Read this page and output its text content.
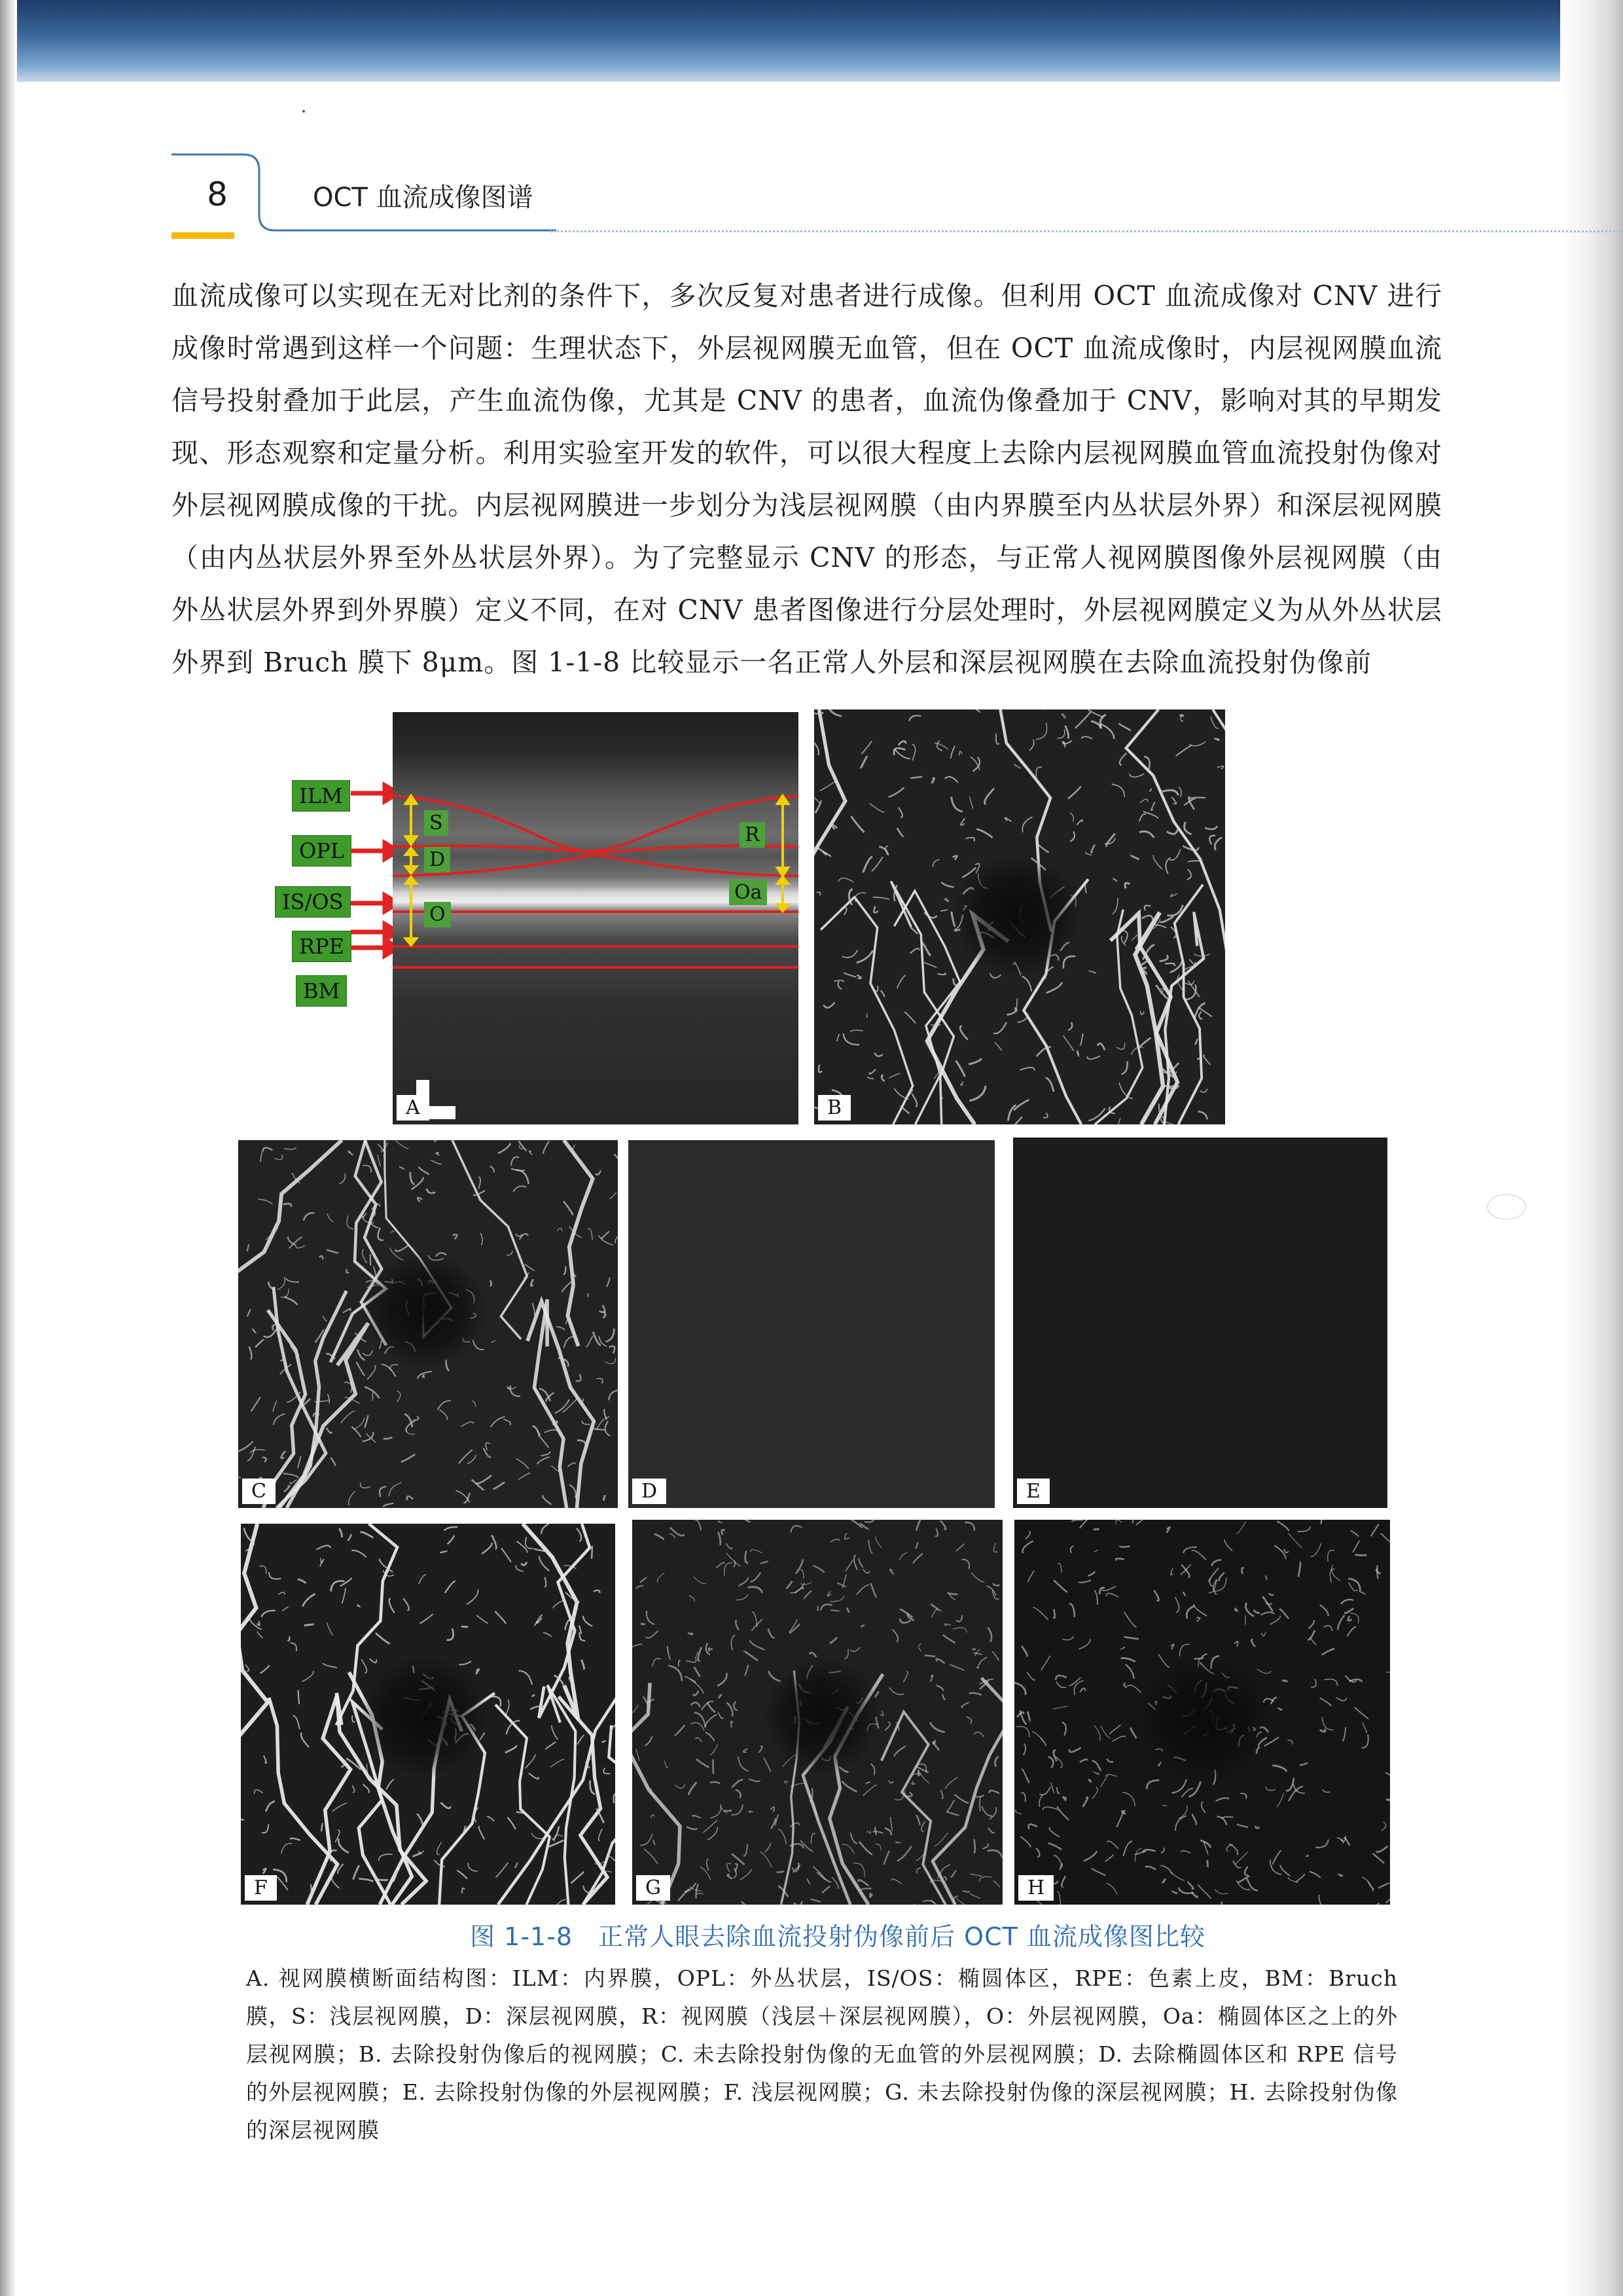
8	OCT 血流成像图谱

血流成像可以实现在无对比剂的条件下，多次反复对患者进行成像。但利用 OCT 血流成像对 CNV 进行成像时常遇到这样一个问题：生理状态下，外层视网膜无血管，但在 OCT 血流成像时，内层视网膜血流信号投射叠加于此层，产生血流伪像，尤其是 CNV 的患者，血流伪像叠加于 CNV，影响对其的早期发现、形态观察和定量分析。利用实验室开发的软件，可以很大程度上去除内层视网膜血管血流投射伪像对外层视网膜成像的干扰。内层视网膜进一步划分为浅层视网膜（由内界膜至内丛状层外界）和深层视网膜（由内丛状层外界至外丛状层外界）。为了完整显示 CNV 的形态，与正常人视网膜图像外层视网膜（由外丛状层外界到外界膜）定义不同，在对 CNV 患者图像进行分层处理时，外层视网膜定义为从外丛状层外界到 Bruch 膜下 8μm。图 1-1-8 比较显示一名正常人外层和深层视网膜在去除血流投射伪像前

ILM
OPL
IS/OS
RPE
BM
S
D
O
R
Oa
A	B
C	D	E
F	G	H
图 1-1-8　正常人眼去除血流投射伪像前后 OCT 血流成像图比较

A. 视网膜横断面结构图：ILM：内界膜，OPL：外丛状层，IS/OS：椭圆体区，RPE：色素上皮，BM：Bruch 膜，S：浅层视网膜，D：深层视网膜，R：视网膜（浅层＋深层视网膜），O：外层视网膜，Oa：椭圆体区之上的外层视网膜；B. 去除投射伪像后的视网膜；C. 未去除投射伪像的无血管的外层视网膜；D. 去除椭圆体区和 RPE 信号的外层视网膜；E. 去除投射伪像的外层视网膜；F. 浅层视网膜；G. 未去除投射伪像的深层视网膜；H. 去除投射伪像的深层视网膜
